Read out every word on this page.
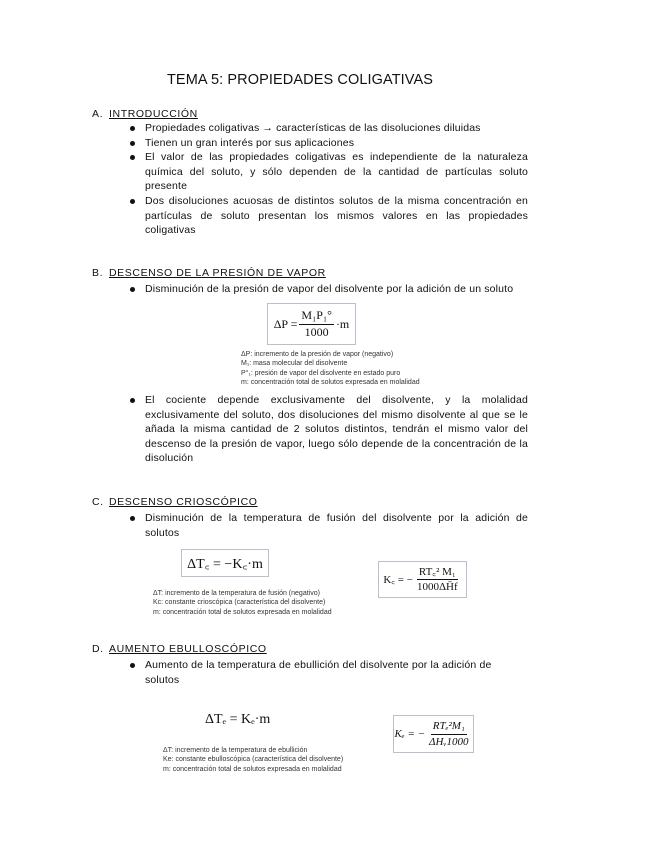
TEMA 5: PROPIEDADES COLIGATIVAS
A. INTRODUCCIÓN
Propiedades coligativas → características de las disoluciones diluidas
Tienen un gran interés por sus aplicaciones
El valor de las propiedades coligativas es independiente de la naturaleza química del soluto, y sólo dependen de la cantidad de partículas soluto presente
Dos disoluciones acuosas de distintos solutos de la misma concentración en partículas de soluto presentan los mismos valores en las propiedades coligativas
B. DESCENSO DE LA PRESIÓN DE VAPOR
Disminución de la presión de vapor del disolvente por la adición de un soluto
$\Delta P = \frac{\text{M₁P₁°}}{1000} \cdot m$
ΔP: incremento de la presión de vapor (negativo)
M₁: masa molecular del disolvente
P°₁: presión de vapor del disolvente en estado puro
m: concentración total de solutos expresada en molalidad
El cociente depende exclusivamente del disolvente, y la molalidad exclusivamente del soluto, dos disoluciones del mismo disolvente al que se le añada la misma cantidad de 2 solutos distintos, tendrán el mismo valor del descenso de la presión de vapor, luego sólo depende de la concentración de la disolución
C. DESCENSO CRIOSCÓPICO
Disminución de la temperatura de fusión del disolvente por la adición de solutos
ΔT꜀ = −K꜀·m
K꜀ = − $\frac{\text{RT꜀² M₁}}{1000\Delta H̄f}$
ΔT: incremento de la temperatura de fusión (negativo)
Kc: constante crioscópica (característica del disolvente)
m: concentración total de solutos expresada en molalidad
D. AUMENTO EBULLOSCÓPICO
Aumento de la temperatura de ebullición del disolvente por la adición de solutos
ΔTₑ = Kₑ·m
Kₑ = − $\frac{\text{RTₑ²M₁}}{\text{ΔHᵥ1000}}$
ΔT: incremento de la temperatura de ebullición
Ke: constante ebulloscópica (característica del disolvente)
m: concentración total de solutos expresada en molalidad
